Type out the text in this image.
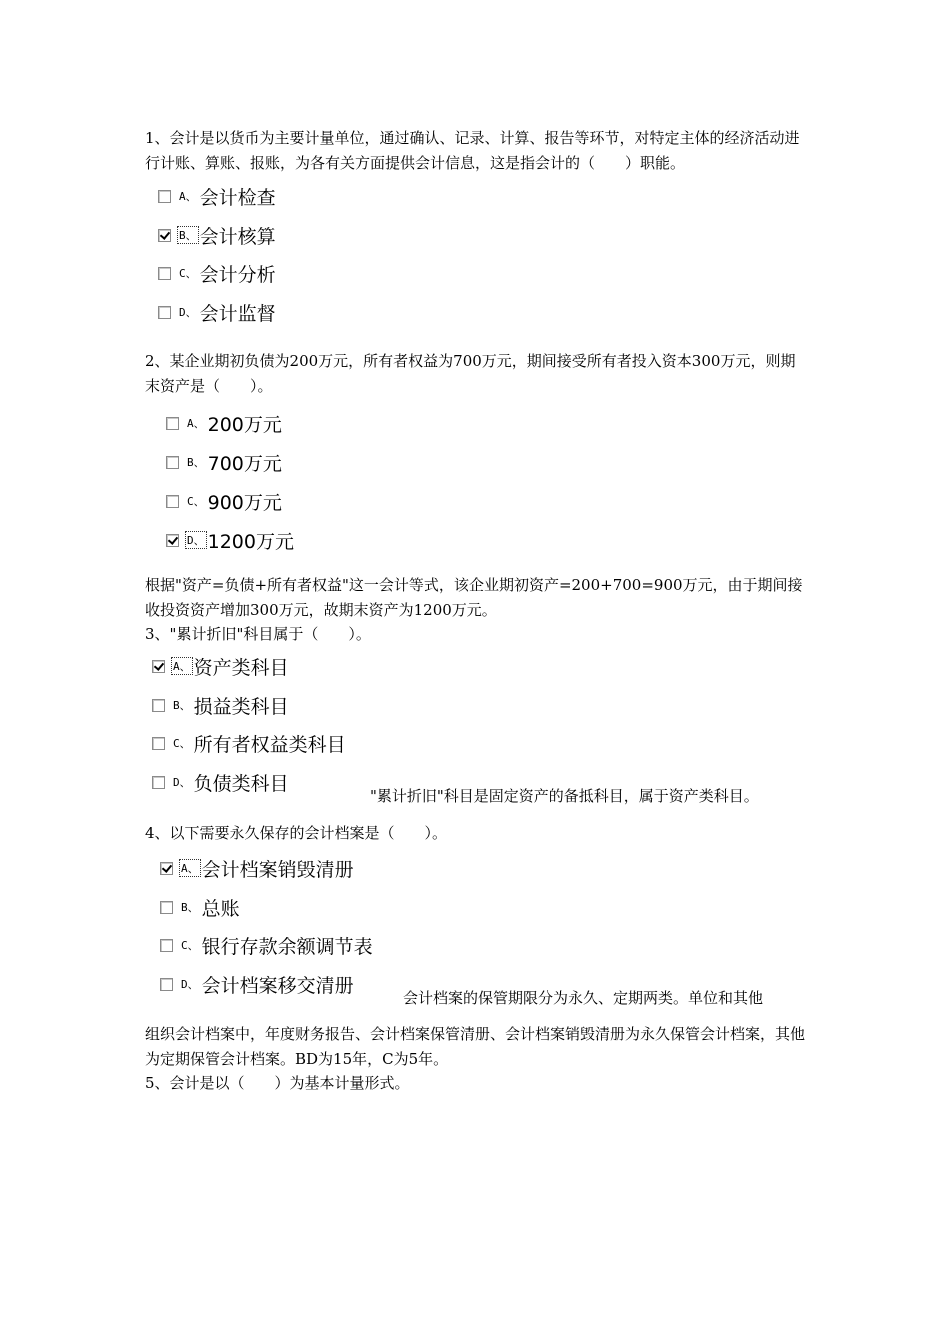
1、会计是以货币为主要计量单位，通过确认、记录、计算、报告等环节，对特定主体的经济活动进行计账、算账、报账，为各有关方面提供会计信息，这是指会计的（　　）职能。
A、 会计检查
B、 会计核算
C、 会计分析
D、 会计监督
2、某企业期初负债为200万元，所有者权益为700万元，期间接受所有者投入资本300万元，则期末资产是（　　）。
A、 200万元
B、 700万元
C、 900万元
D、 1200万元
根据"资产=负债+所有者权益"这一会计等式，该企业期初资产=200+700=900万元，由于期间接收投资资产增加300万元，故期末资产为1200万元。
3、"累计折旧"科目属于（　　）。
A、 资产类科目
B、 损益类科目
C、 所有者权益类科目
D、 负债类科目
"累计折旧"科目是固定资产的备抵科目，属于资产类科目。
4、以下需要永久保存的会计档案是（　　）。
A、 会计档案销毁清册
B、 总账
C、 银行存款余额调节表
D、 会计档案移交清册
会计档案的保管期限分为永久、定期两类。单位和其他
组织会计档案中，年度财务报告、会计档案保管清册、会计档案销毁清册为永久保管会计档案，其他为定期保管会计档案。BD为15年，C为5年。
5、会计是以（　　）为基本计量形式。
